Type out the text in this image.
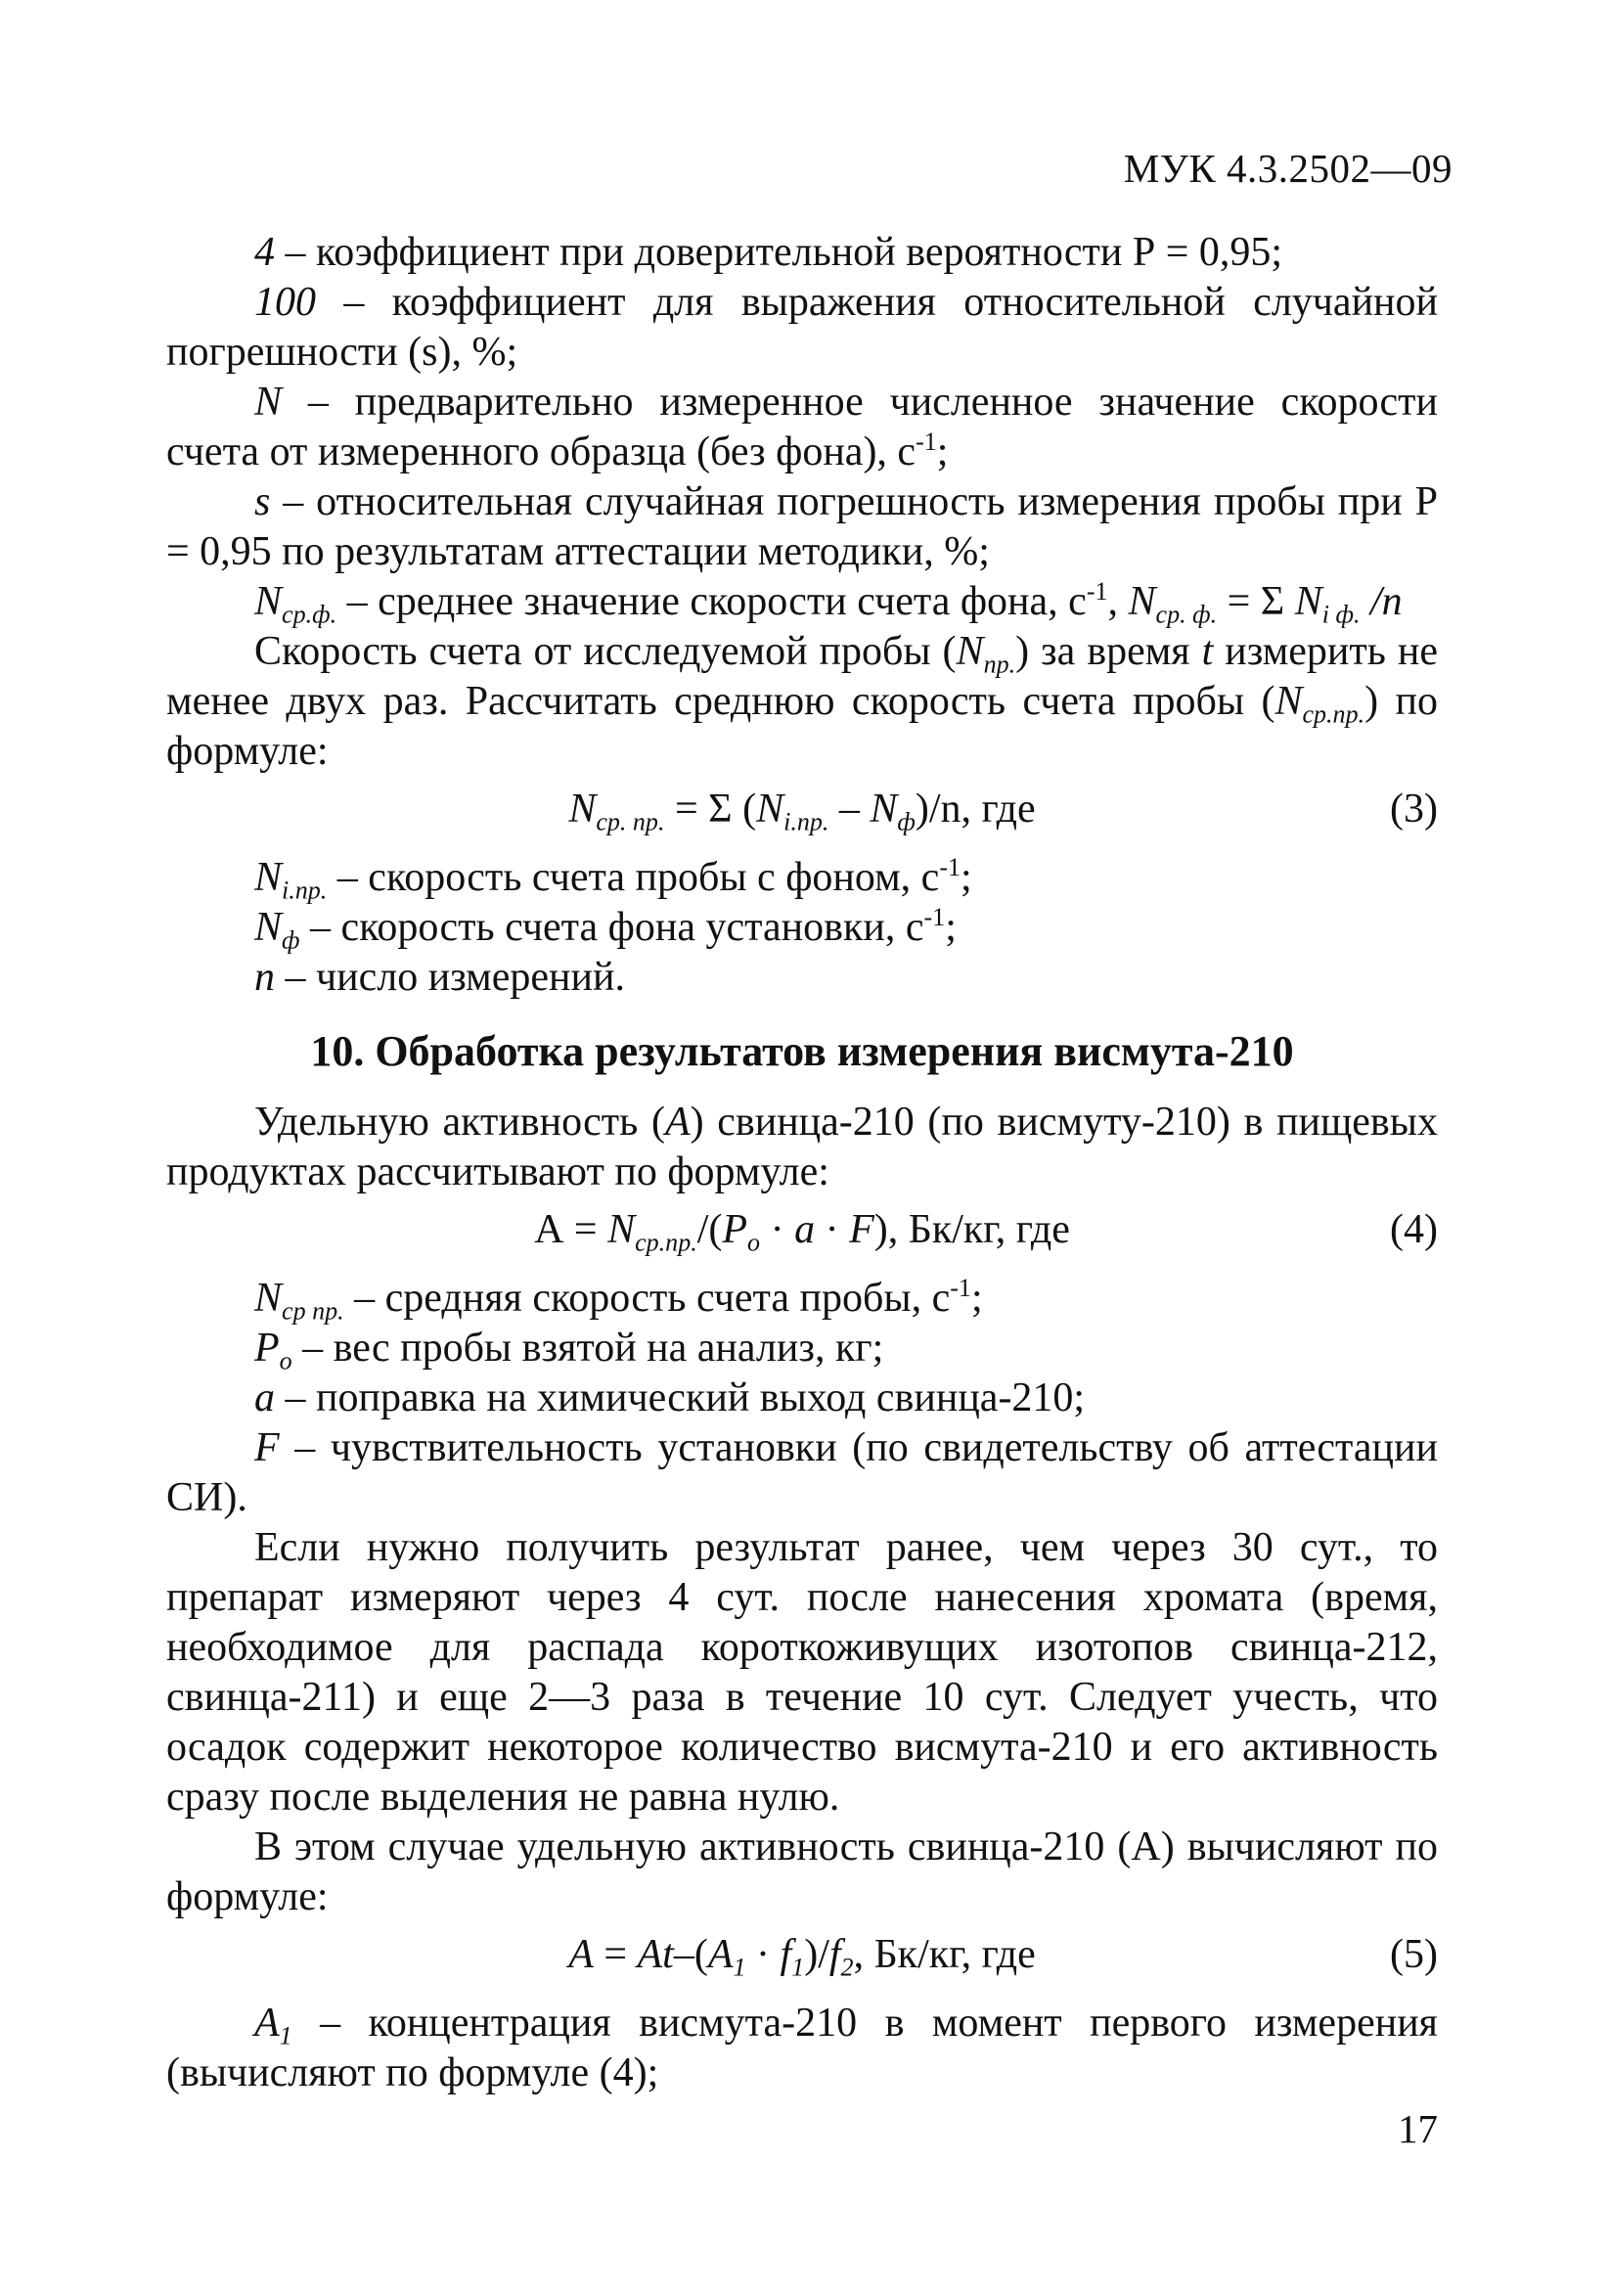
МУК 4.3.2502—09

4 – коэффициент при доверительной вероятности Р = 0,95;

100 – коэффициент для выражения относительной случайной погрешности (s), %;

N – предварительно измеренное численное значение скорости счета от измеренного образца (без фона), $с^{-1}$;

s – относительная случайная погрешность измерения пробы при Р = 0,95 по результатам аттестации методики, %;

$N_{ср.ф.}$ – среднее значение скорости счета фона, $с^{-1}$, $N_{ср. ф.} = \Sigma$ $N_{i ф.}$ /n

Скорость счета от исследуемой пробы $(N_{пр.})$ за время t измерить не менее двух раз. Рассчитать среднюю скорость счета пробы $(N_{ср.пр.})$ по формуле:

$N_{ср. пр.} = \Sigma$ $(N_{i.пр.} - N_ф)/n$, где	(3)

$N_{i.пр.}$ – скорость счета пробы с фоном, $с^{-1}$;

$N_ф$ – скорость счета фона установки, $с^{-1}$;

n – число измерений.

10. Обработка результатов измерения висмута-210

Удельную активность (А) свинца-210 (по висмуту-210) в пищевых продуктах рассчитывают по формуле:

$А = N_{ср.пр.}/(P_o \cdot а \cdot F)$, Бк/кг, где	(4)

$N_{ср пр.}$ – средняя скорость счета пробы, $с^{-1}$;

$P_o$ – вес пробы взятой на анализ, кг;

а – поправка на химический выход свинца-210;

F – чувствительность установки (по свидетельству об аттестации СИ).

Если нужно получить результат ранее, чем через 30 сут., то препарат измеряют через 4 сут. после нанесения хромата (время, необходимое для распада короткоживущих изотопов свинца-212, свинца-211) и еще 2—3 раза в течение 10 сут. Следует учесть, что осадок содержит некоторое количество висмута-210 и его активность сразу после выделения не равна нулю.

В этом случае удельную активность свинца-210 (А) вычисляют по формуле:

$А = At-(A_1 \cdot f_1)/f_2$, Бк/кг, где	(5)

$A_1$ – концентрация висмута-210 в момент первого измерения (вычисляют по формуле (4);

17
